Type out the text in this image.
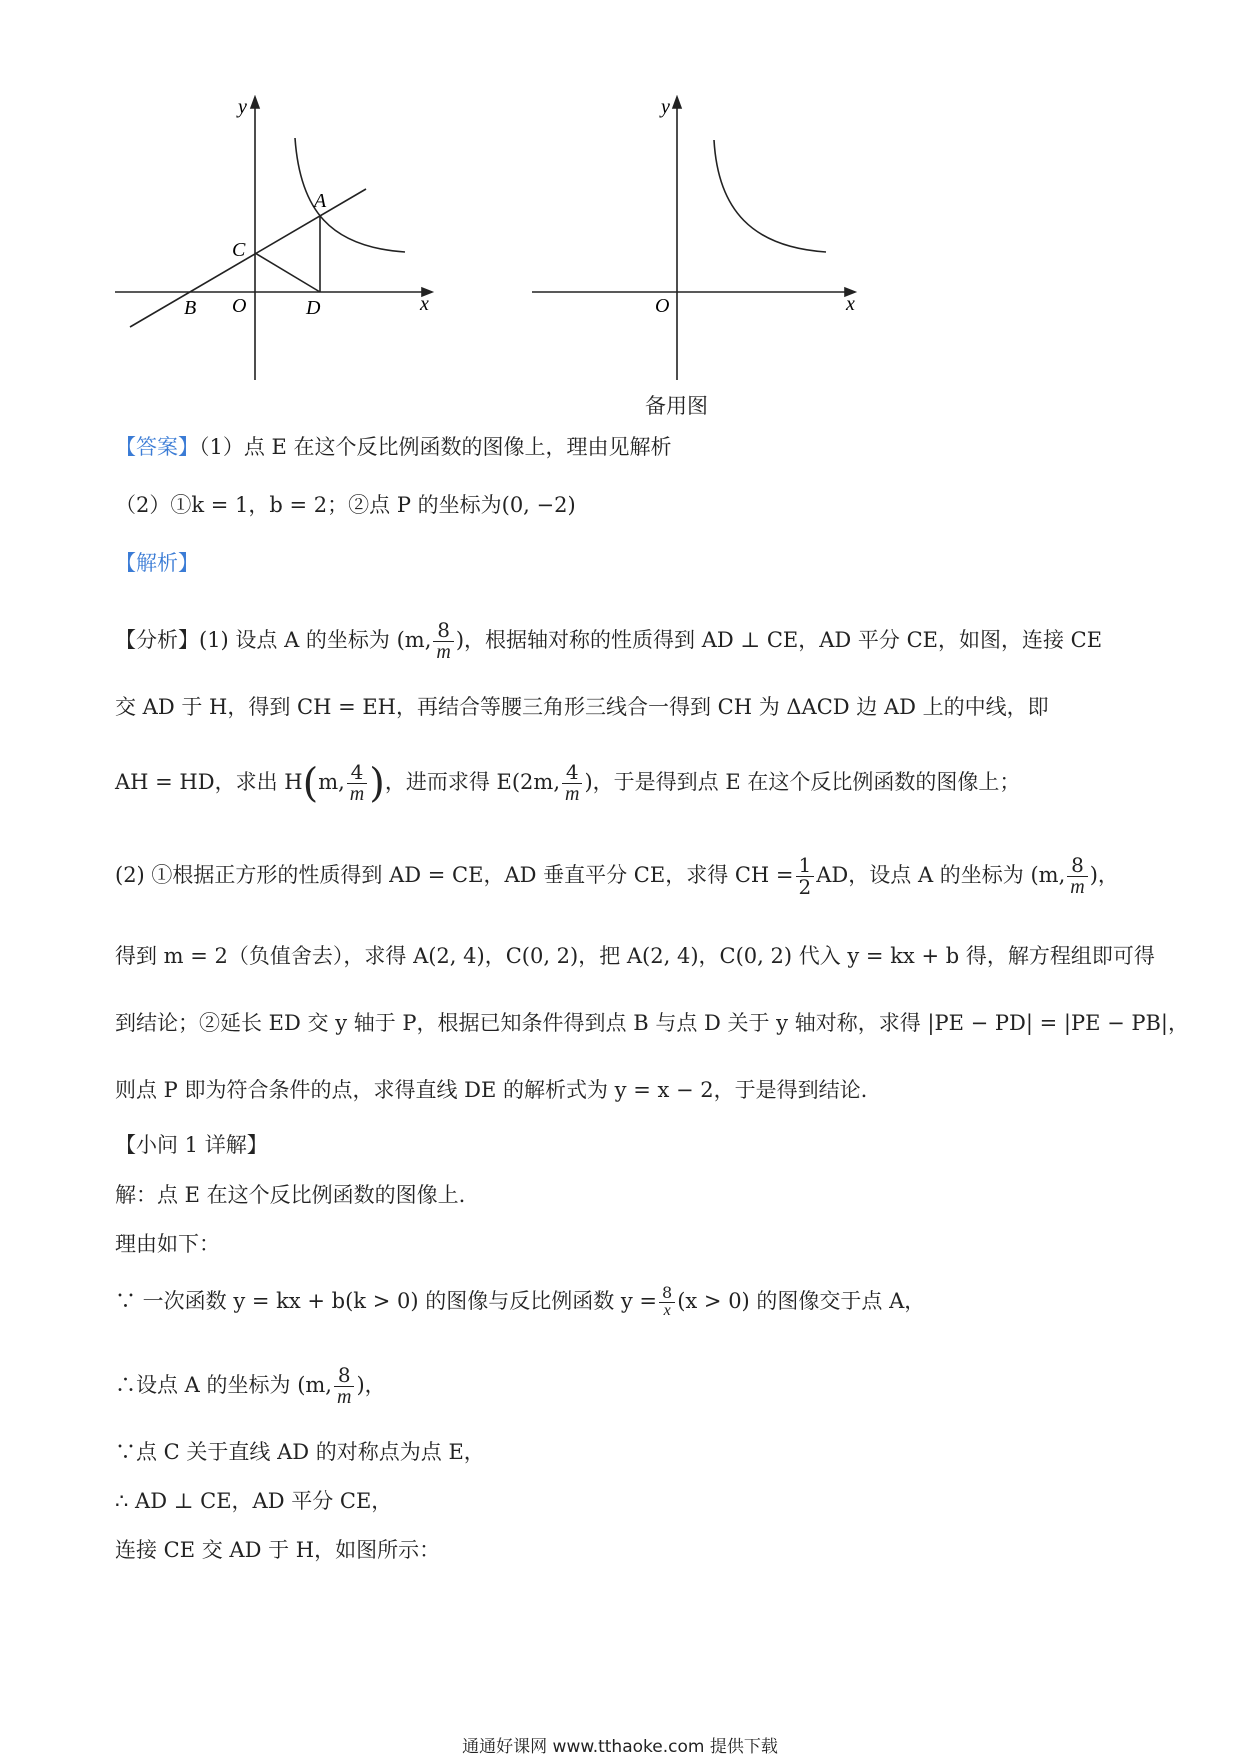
y
x
A
C
B O	D
y
x
O
备用图
【答案】（1）点 E 在这个反比例函数的图像上，理由见解析
（2）①k = 1，b = 2；②点 P 的坐标为(0, −2)
【解析】
【分析】(1) 设点 A 的坐标为 (m, $\frac{8}{m}$ )，根据轴对称的性质得到 AD ⊥ CE，AD 平分 CE，如图，连接 CE
交 AD 于 H，得到 CH = EH，再结合等腰三角形三线合一得到 CH 为 ΔACD 边 AD 上的中线，即
AH = HD，求出 H(m, $\frac{4}{m}$ )，进而求得 E(2m, $\frac{4}{m}$ )，于是得到点 E 在这个反比例函数的图像上；
(2) ①根据正方形的性质得到 AD = CE，AD 垂直平分 CE，求得 CH = $\frac{1}{2}$ AD，设点 A 的坐标为 (m, $\frac{8}{m}$ )，
得到 m = 2（负值舍去），求得 A(2, 4)，C(0, 2)，把 A(2, 4)，C(0, 2) 代入 y = kx + b 得，解方程组即可得
到结论；②延长 ED 交 y 轴于 P，根据已知条件得到点 B 与点 D 关于 y 轴对称，求得 |PE − PD| = |PE − PB|，
则点 P 即为符合条件的点，求得直线 DE 的解析式为 y = x − 2，于是得到结论.
【小问 1 详解】
解：点 E 在这个反比例函数的图像上.
理由如下：
∵ 一次函数 y = kx + b(k > 0) 的图像与反比例函数 $y = \frac{8}{x} (x > 0)$ 的图像交于点 A，
∴设点 A 的坐标为 (m, $\frac{8}{m}$ )，
∵点 C 关于直线 AD 的对称点为点 E，
∴ AD ⊥ CE，AD 平分 CE，
连接 CE 交 AD 于 H，如图所示：
通通好课网 www.tthaoke.com 提供下载
